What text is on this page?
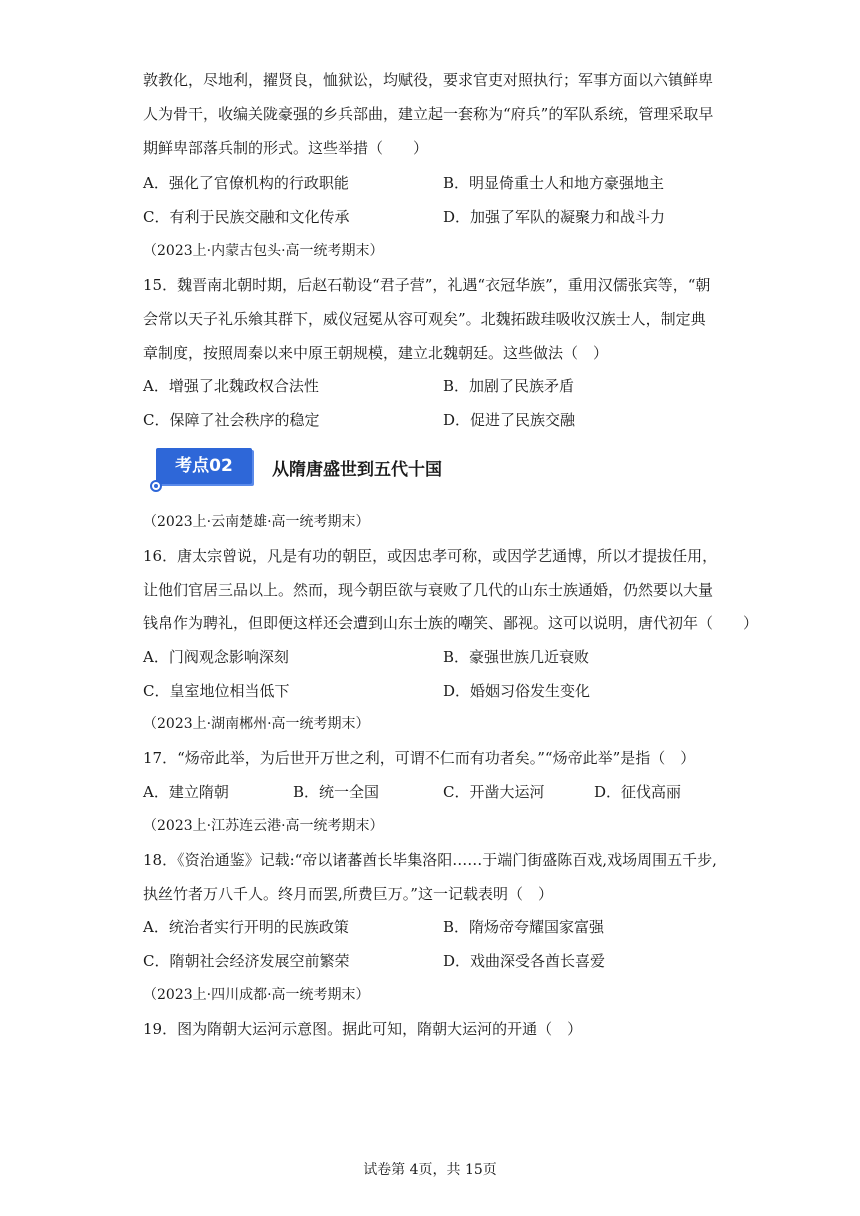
敦教化，尽地利，擢贤良，恤狱讼，均赋役，要求官吏对照执行；军事方面以六镇鲜卑
人为骨干，收编关陇豪强的乡兵部曲，建立起一套称为“府兵”的军队系统，管理采取早
期鲜卑部落兵制的形式。这些举措（　　）
A．强化了官僚机构的行政职能	B．明显倚重士人和地方豪强地主
C．有利于民族交融和文化传承	D．加强了军队的凝聚力和战斗力
（2023上·内蒙古包头·高一统考期末）
15．魏晋南北朝时期，后赵石勒设“君子营”，礼遇“衣冠华族”，重用汉儒张宾等，“朝
会常以天子礼乐飨其群下，威仪冠冕从容可观矣”。北魏拓跋珪吸收汉族士人，制定典
章制度，按照周秦以来中原王朝规模，建立北魏朝廷。这些做法（　）
A．增强了北魏政权合法性	B．加剧了民族矛盾
C．保障了社会秩序的稳定	D．促进了民族交融
考点02	从隋唐盛世到五代十国
（2023上·云南楚雄·高一统考期末）
16．唐太宗曾说，凡是有功的朝臣，或因忠孝可称，或因学艺通博，所以才提拔任用，
让他们官居三品以上。然而，现今朝臣欲与衰败了几代的山东士族通婚，仍然要以大量
钱帛作为聘礼，但即便这样还会遭到山东士族的嘲笑、鄙视。这可以说明，唐代初年（　　）
A．门阀观念影响深刻	B．豪强世族几近衰败
C．皇室地位相当低下	D．婚姻习俗发生变化
（2023上·湖南郴州·高一统考期末）
17．“炀帝此举，为后世开万世之利，可谓不仁而有功者矣。”“炀帝此举”是指（　）
A．建立隋朝	B．统一全国	C．开凿大运河	D．征伐高丽
（2023上·江苏连云港·高一统考期末）
18．《资治通鉴》记载:“帝以诸蕃酋长毕集洛阳……于端门街盛陈百戏,戏场周围五千步,
执丝竹者万八千人。终月而罢,所费巨万。”这一记载表明（　）
A．统治者实行开明的民族政策	B．隋炀帝夸耀国家富强
C．隋朝社会经济发展空前繁荣	D．戏曲深受各酋长喜爱
（2023上·四川成都·高一统考期末）
19．图为隋朝大运河示意图。据此可知，隋朝大运河的开通（　）
试卷第 4页，共 15页
